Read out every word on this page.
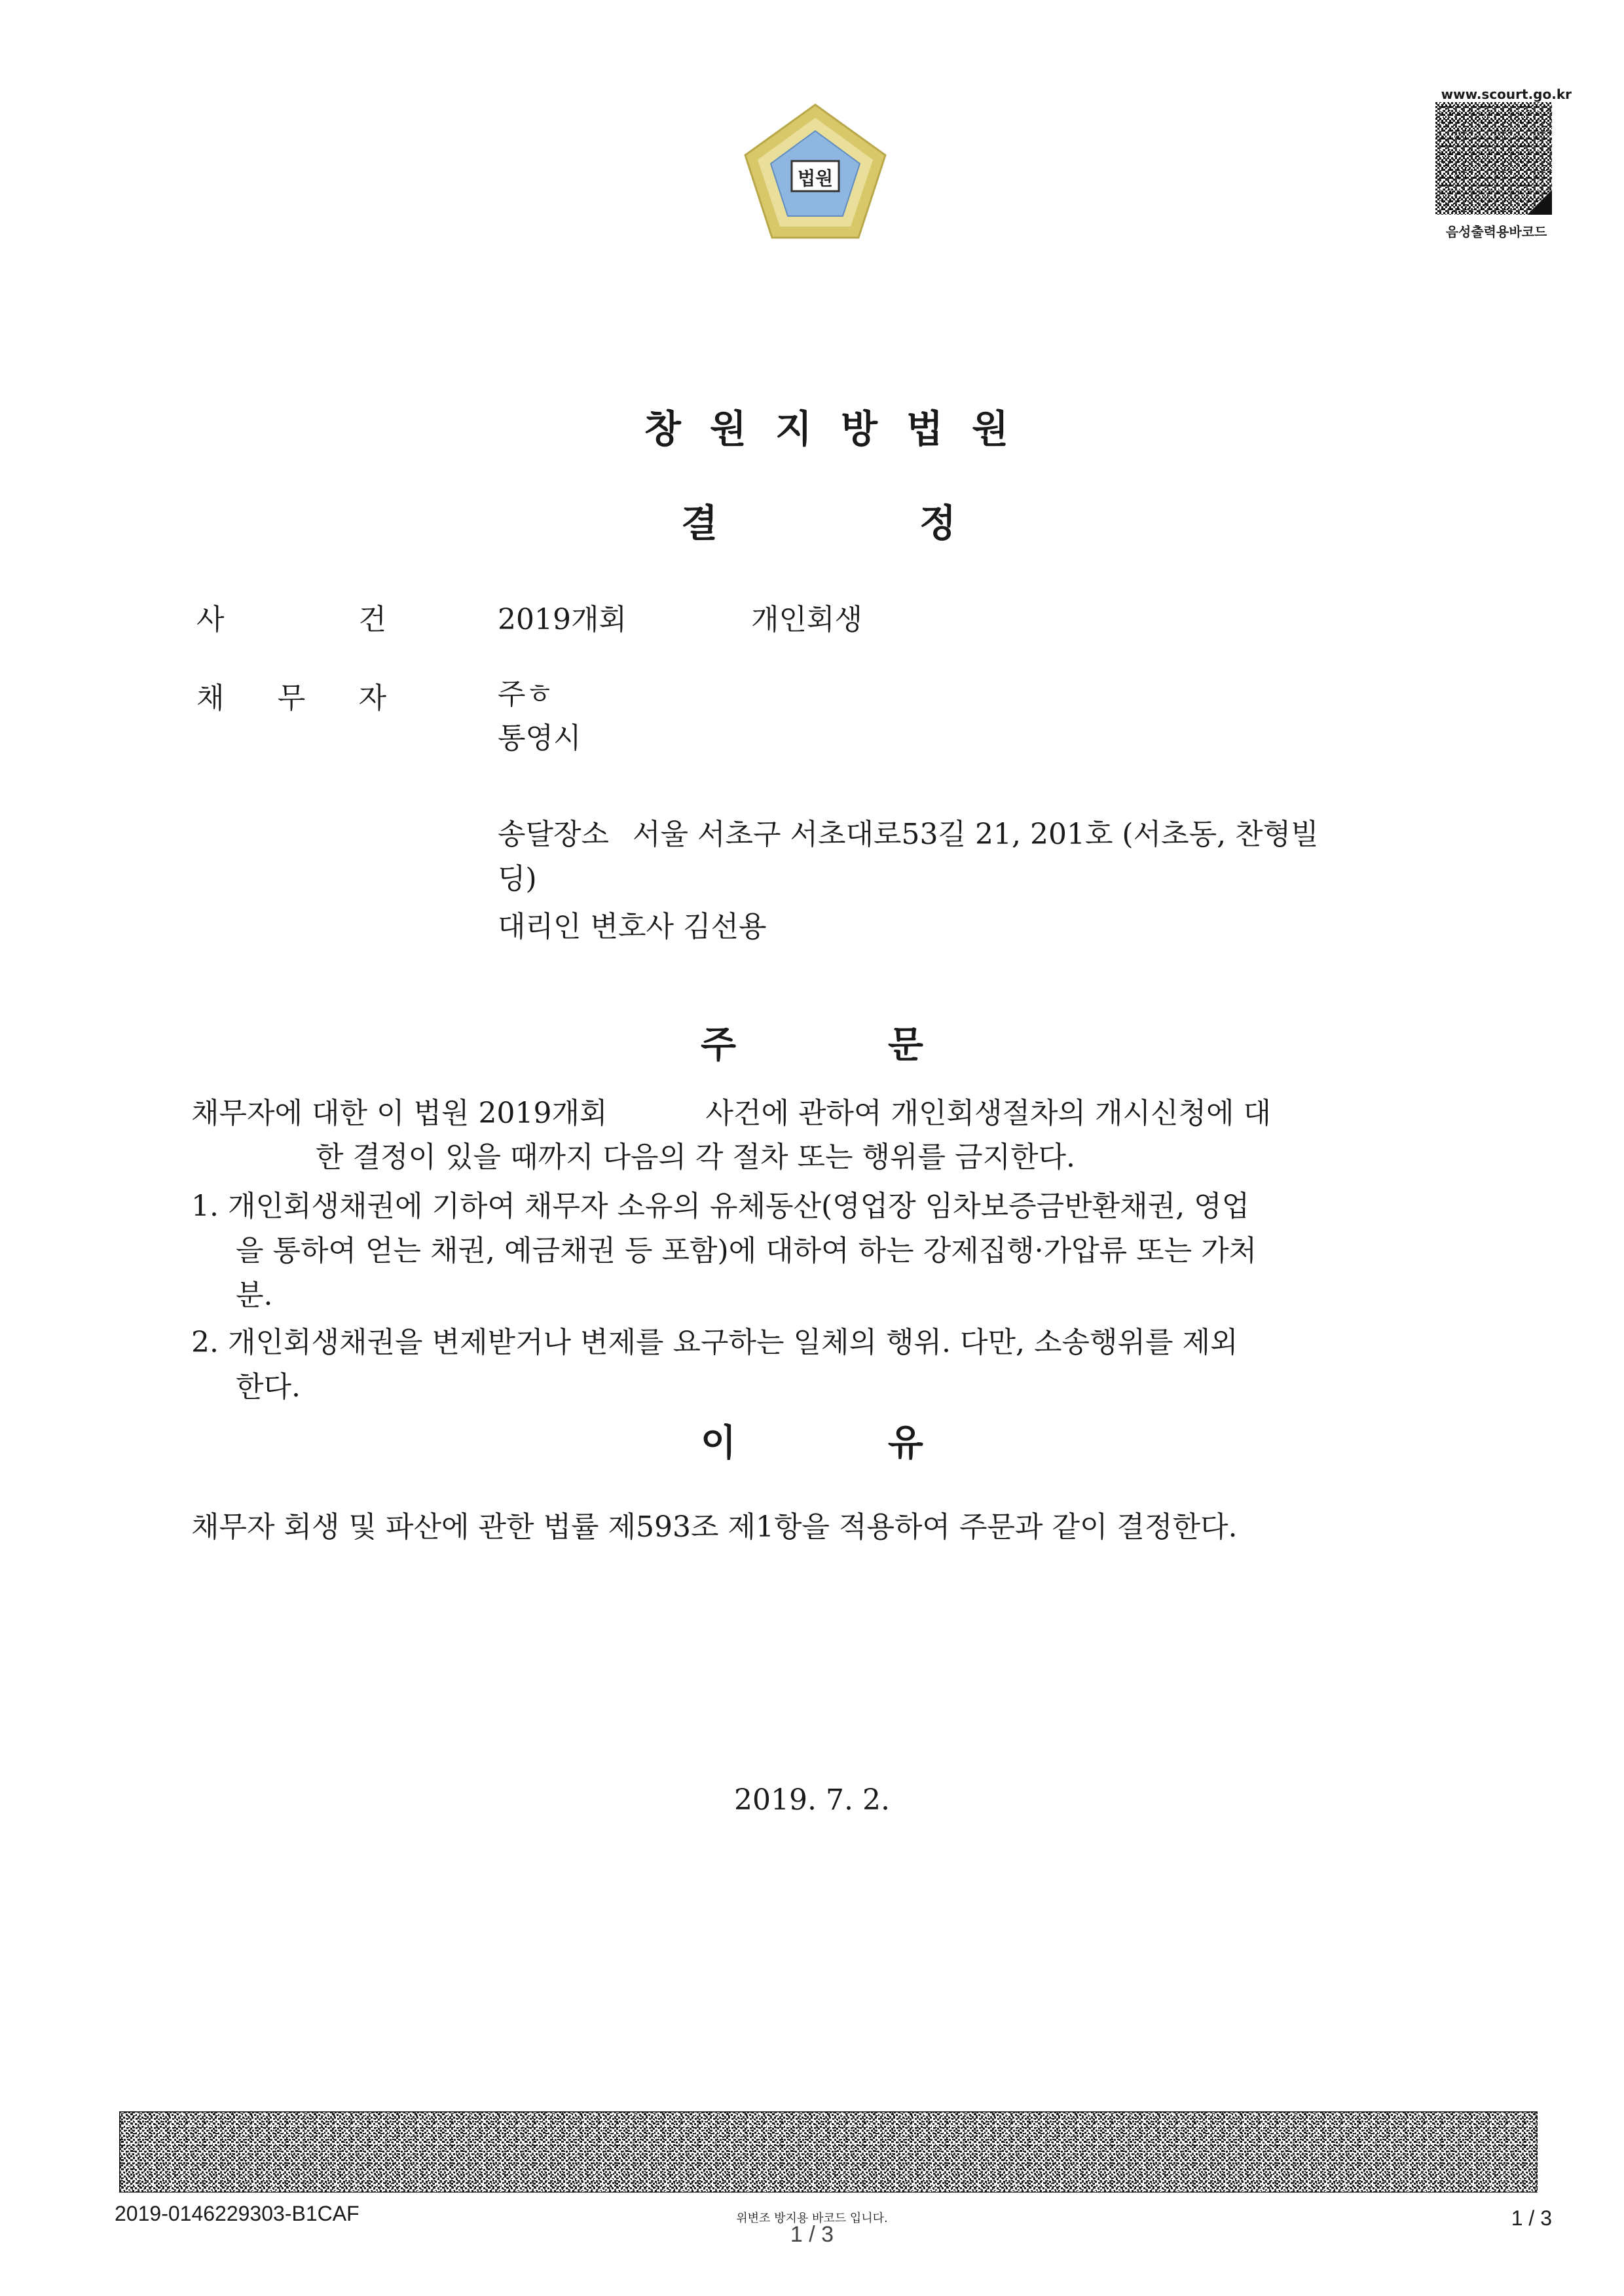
법원
www.scourt.go.kr
음성출력용바코드
창원지방법원
결	정
사	건	2019개회	개인회생
채 무 자	주ㅎ
통영시
송달장소 서울 서초구 서초대로53길 21, 201호 (서초동, 찬형빌
딩)
대리인 변호사 김선용
주	문
채무자에 대한 이 법원 2019개회	사건에 관하여 개인회생절차의 개시신청에 대
한 결정이 있을 때까지 다음의 각 절차 또는 행위를 금지한다.
1. 개인회생채권에 기하여 채무자 소유의 유체동산(영업장 임차보증금반환채권, 영업
을 통하여 얻는 채권, 예금채권 등 포함)에 대하여 하는 강제집행·가압류 또는 가처
분.
2. 개인회생채권을 변제받거나 변제를 요구하는 일체의 행위. 다만, 소송행위를 제외
한다.
이	유
채무자 회생 및 파산에 관한 법률 제593조 제1항을 적용하여 주문과 같이 결정한다.
2019. 7. 2.
2019-0146229303-B1CAF	위변조 방지용 바코드 입니다.
1 / 3
1 / 3
